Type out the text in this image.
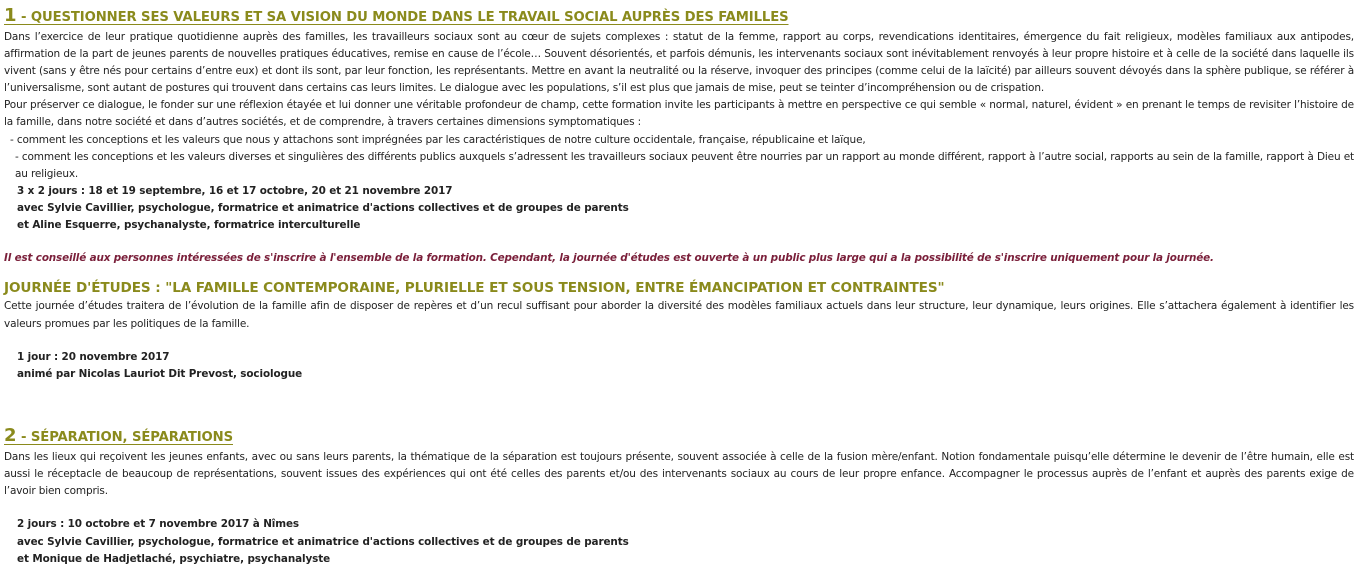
1 - QUESTIONNER SES VALEURS ET SA VISION DU MONDE DANS LE TRAVAIL SOCIAL AUPRÈS DES FAMILLES

Dans l’exercice de leur pratique quotidienne auprès des familles, les travailleurs sociaux sont au cœur de sujets complexes : statut de la femme, rapport au corps, revendications identitaires, émergence du fait religieux, modèles familiaux aux antipodes, affirmation de la part de jeunes parents de nouvelles pratiques éducatives, remise en cause de l’école… Souvent désorientés, et parfois démunis, les intervenants sociaux sont inévitablement renvoyés à leur propre histoire et à celle de la société dans laquelle ils vivent (sans y être nés pour certains d’entre eux) et dont ils sont, par leur fonction, les représentants. Mettre en avant la neutralité ou la réserve, invoquer des principes (comme celui de la laïcité) par ailleurs souvent dévoyés dans la sphère publique, se référer à l’universalisme, sont autant de postures qui trouvent dans certains cas leurs limites. Le dialogue avec les populations, s’il est plus que jamais de mise, peut se teinter d’incompréhension ou de crispation.

Pour préserver ce dialogue, le fonder sur une réflexion étayée et lui donner une véritable profondeur de champ, cette formation invite les participants à mettre en perspective ce qui semble « normal, naturel, évident » en prenant le temps de revisiter l’histoire de la famille, dans notre société et dans d’autres sociétés, et de comprendre, à travers certaines dimensions symptomatiques :

- comment les conceptions et les valeurs que nous y attachons sont imprégnées par les caractéristiques de notre culture occidentale, française, républicaine et laïque,

- comment les conceptions et les valeurs diverses et singulières des différents publics auxquels s’adressent les travailleurs sociaux peuvent être nourries par un rapport au monde différent, rapport à l’autre social, rapports au sein de la famille, rapport à Dieu et au religieux.

3 x 2 jours : 18 et 19 septembre, 16 et 17 octobre, 20 et 21 novembre 2017

avec Sylvie Cavillier, psychologue, formatrice et animatrice d'actions collectives et de groupes de parents

et Aline Esquerre, psychanalyste, formatrice interculturelle

Il est conseillé aux personnes intéressées de s'inscrire à l'ensemble de la formation. Cependant, la journée d'études est ouverte à un public plus large qui a la possibilité de s'inscrire uniquement pour la journée.

JOURNÉE D'ÉTUDES : "LA FAMILLE CONTEMPORAINE, PLURIELLE ET SOUS TENSION, ENTRE ÉMANCIPATION ET CONTRAINTES"

Cette journée d’études traitera de l’évolution de la famille afin de disposer de repères et d’un recul suffisant pour aborder la diversité des modèles familiaux actuels dans leur structure, leur dynamique, leurs origines. Elle s’attachera également à identifier les valeurs promues par les politiques de la famille.

1 jour : 20 novembre 2017

animé par Nicolas Lauriot Dit Prevost, sociologue

2 - SÉPARATION, SÉPARATIONS

Dans les lieux qui reçoivent les jeunes enfants, avec ou sans leurs parents, la thématique de la séparation est toujours présente, souvent associée à celle de la fusion mère/enfant. Notion fondamentale puisqu’elle détermine le devenir de l’être humain, elle est aussi le réceptacle de beaucoup de représentations, souvent issues des expériences qui ont été celles des parents et/ou des intervenants sociaux au cours de leur propre enfance. Accompagner le processus auprès de l’enfant et auprès des parents exige de l’avoir bien compris.

2 jours : 10 octobre et 7 novembre 2017 à Nîmes

avec Sylvie Cavillier, psychologue, formatrice et animatrice d'actions collectives et de groupes de parents

et Monique de Hadjetlaché, psychiatre, psychanalyste
